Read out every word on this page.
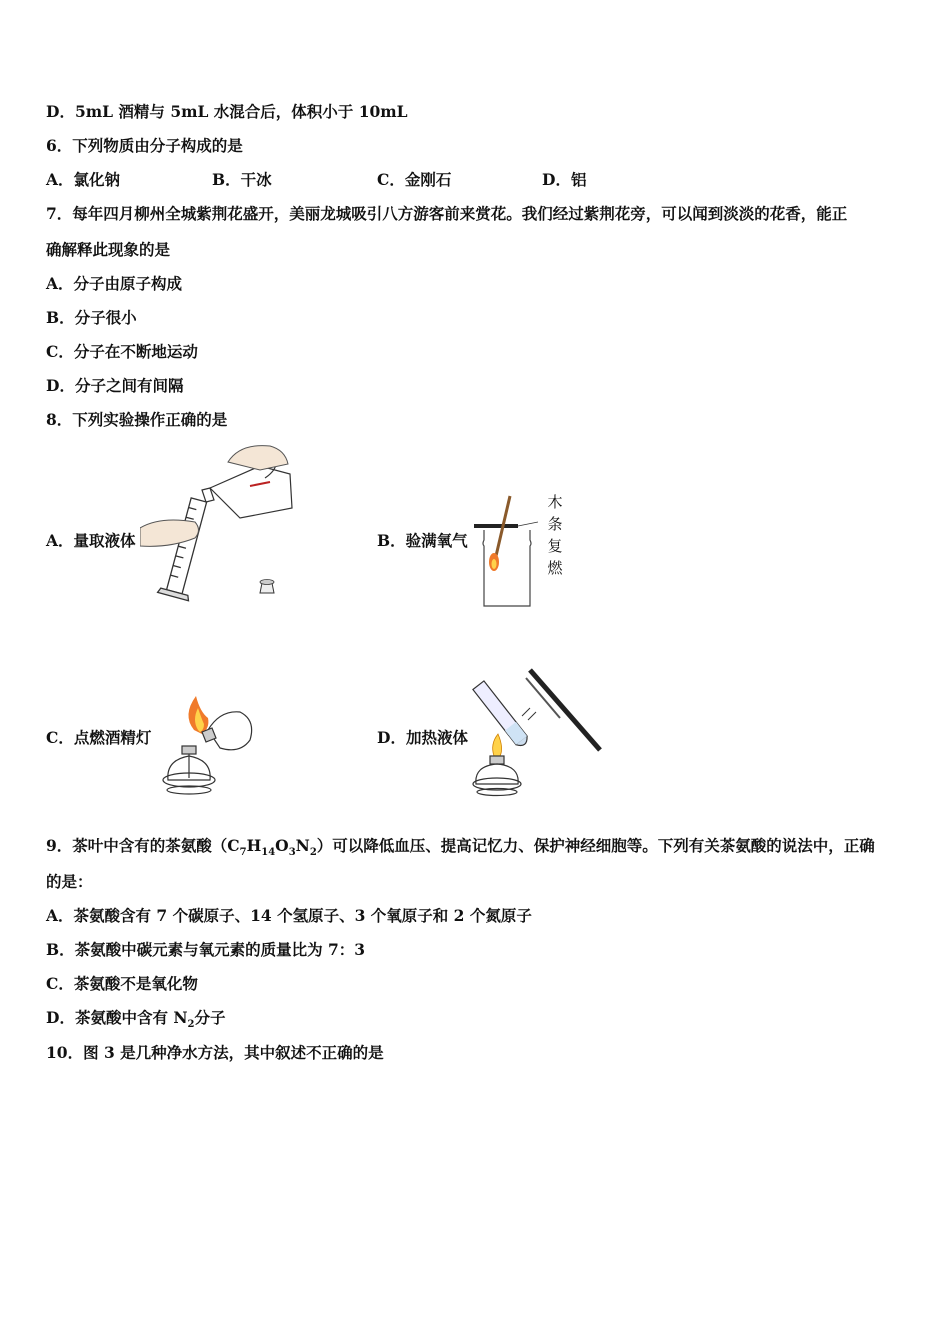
D．5mL 酒精与 5mL 水混合后，体积小于 10mL
6．下列物质由分子构成的是
A．氯化钠	B．干冰	C．金刚石	D．铝
7．每年四月柳州全城紫荆花盛开，美丽龙城吸引八方游客前来赏花。我们经过紫荆花旁，可以闻到淡淡的花香，能正
确解释此现象的是
A．分子由原子构成
B．分子很小
C．分子在不断地运动
D．分子之间有间隔
8．下列实验操作正确的是
A．量取液体	B．验满氧气
木
条
复
燃
C．点燃酒精灯	D．加热液体
9．茶叶中含有的茶氨酸$(C_7H_{14}O_3N_2)$可以降低血压、提高记忆力、保护神经细胞等。下列有关茶氨酸的说法中，正确
的是：
A．茶氨酸含有 7 个碳原子、14 个氢原子、3 个氧原子和 2 个氮原子
B．茶氨酸中碳元素与氧元素的质量比为 7：3
C．茶氨酸不是氧化物
D．茶氨酸中含有 $N_2$分子
10．图 3 是几种净水方法，其中叙述不正确的是
